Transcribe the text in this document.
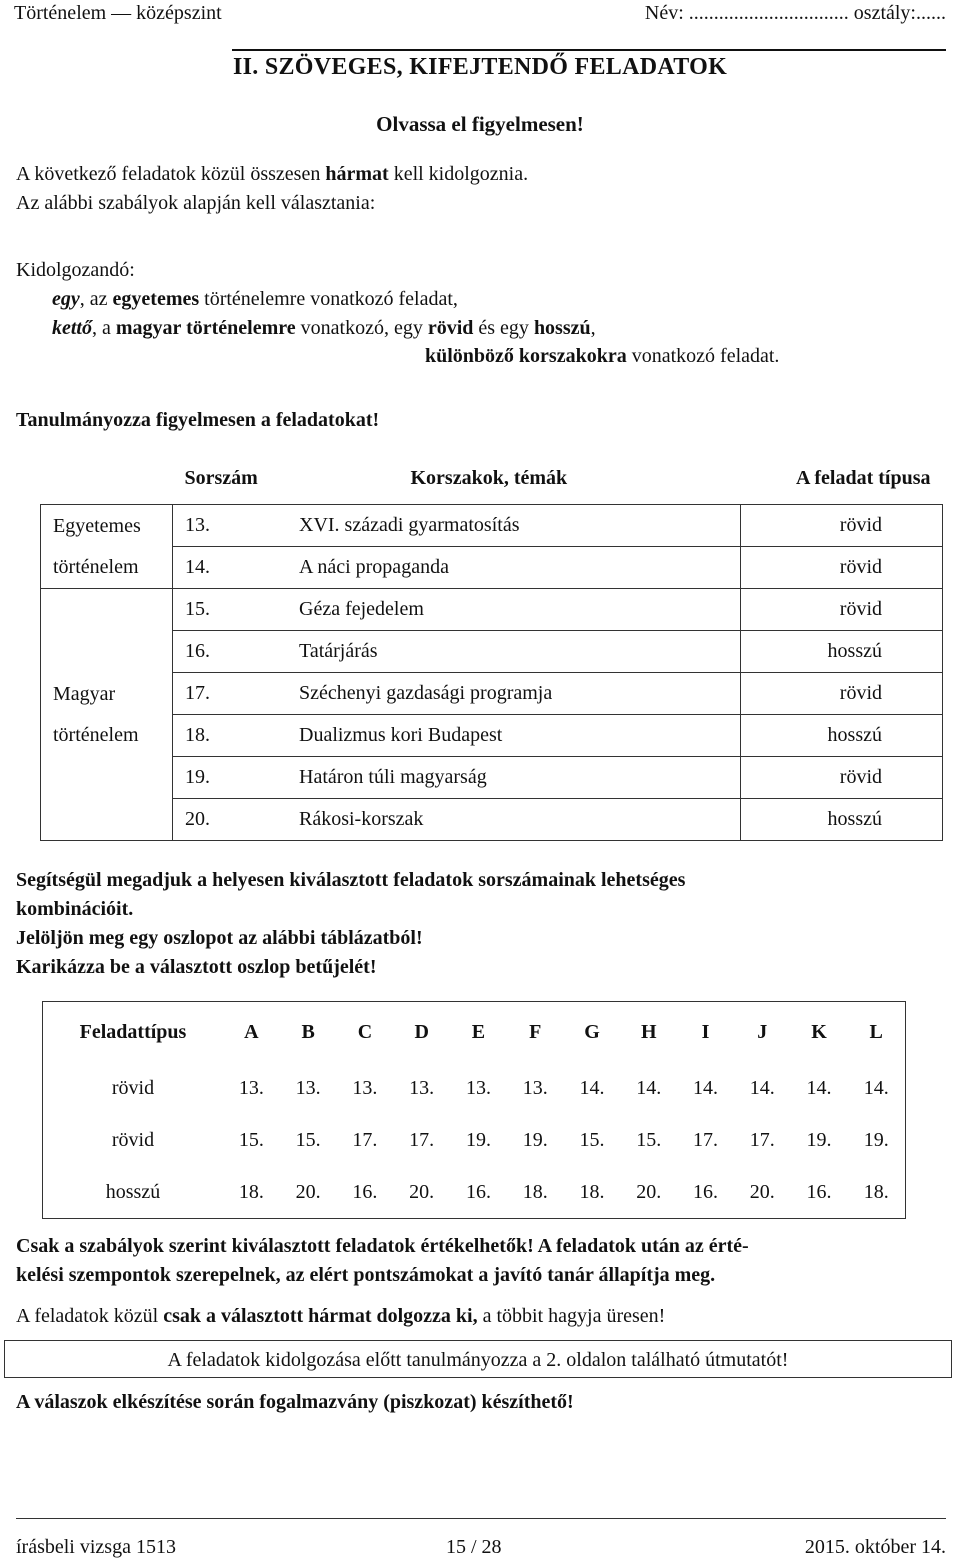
Történelem — középszint	Név: ................................ osztály:......
II. SZÖVEGES, KIFEJTENDŐ FELADATOK
Olvassa el figyelmesen!
A következő feladatok közül összesen hármat kell kidolgoznia.
Az alábbi szabályok alapján kell választania:
Kidolgozandó:
egy, az egyetemes történelemre vonatkozó feladat,
kettő, a magyar történelemre vonatkozó, egy rövid és egy hosszú,
különböző korszakokra vonatkozó feladat.
Tanulmányozza figyelmesen a feladatokat!
	Sorszám Korszakok, témák		A feladat típusa
Egyetemes
történelem	13.	XVI. századi gyarmatosítás	rövid
	14.	A náci propaganda	rövid
Magyar
történelem	15.	Géza fejedelem	rövid
	16.	Tatárjárás	hosszú
	17.	Széchenyi gazdasági programja	rövid
	18.	Dualizmus kori Budapest	hosszú
	19.	Határon túli magyarság	rövid
	20.	Rákosi-korszak	hosszú
Segítségül megadjuk a helyesen kiválasztott feladatok sorszámainak lehetséges
kombinációit.
Jelöljön meg egy oszlopot az alábbi táblázatból!
Karikázza be a választott oszlop betűjelét!
Feladattípus	A	B	C	D	E	F	G	H	I	J	K	L
rövid	13.	13.	13.	13.	13.	13.	14.	14.	14.	14.	14.	14.
rövid	15.	15.	17.	17.	19.	19.	15.	15.	17.	17.	19.	19.
hosszú	18.	20.	16.	20.	16.	18.	18.	20.	16.	20.	16.	18.
Csak a szabályok szerint kiválasztott feladatok értékelhetők! A feladatok után az érté-
kelési szempontok szerepelnek, az elért pontszámokat a javító tanár állapítja meg.
A feladatok közül csak a választott hármat dolgozza ki, a többit hagyja üresen!
A feladatok kidolgozása előtt tanulmányozza a 2. oldalon található útmutatót!
A válaszok elkészítése során fogalmazvány (piszkozat) készíthető!
írásbeli vizsga 1513	15 / 28	2015. október 14.
